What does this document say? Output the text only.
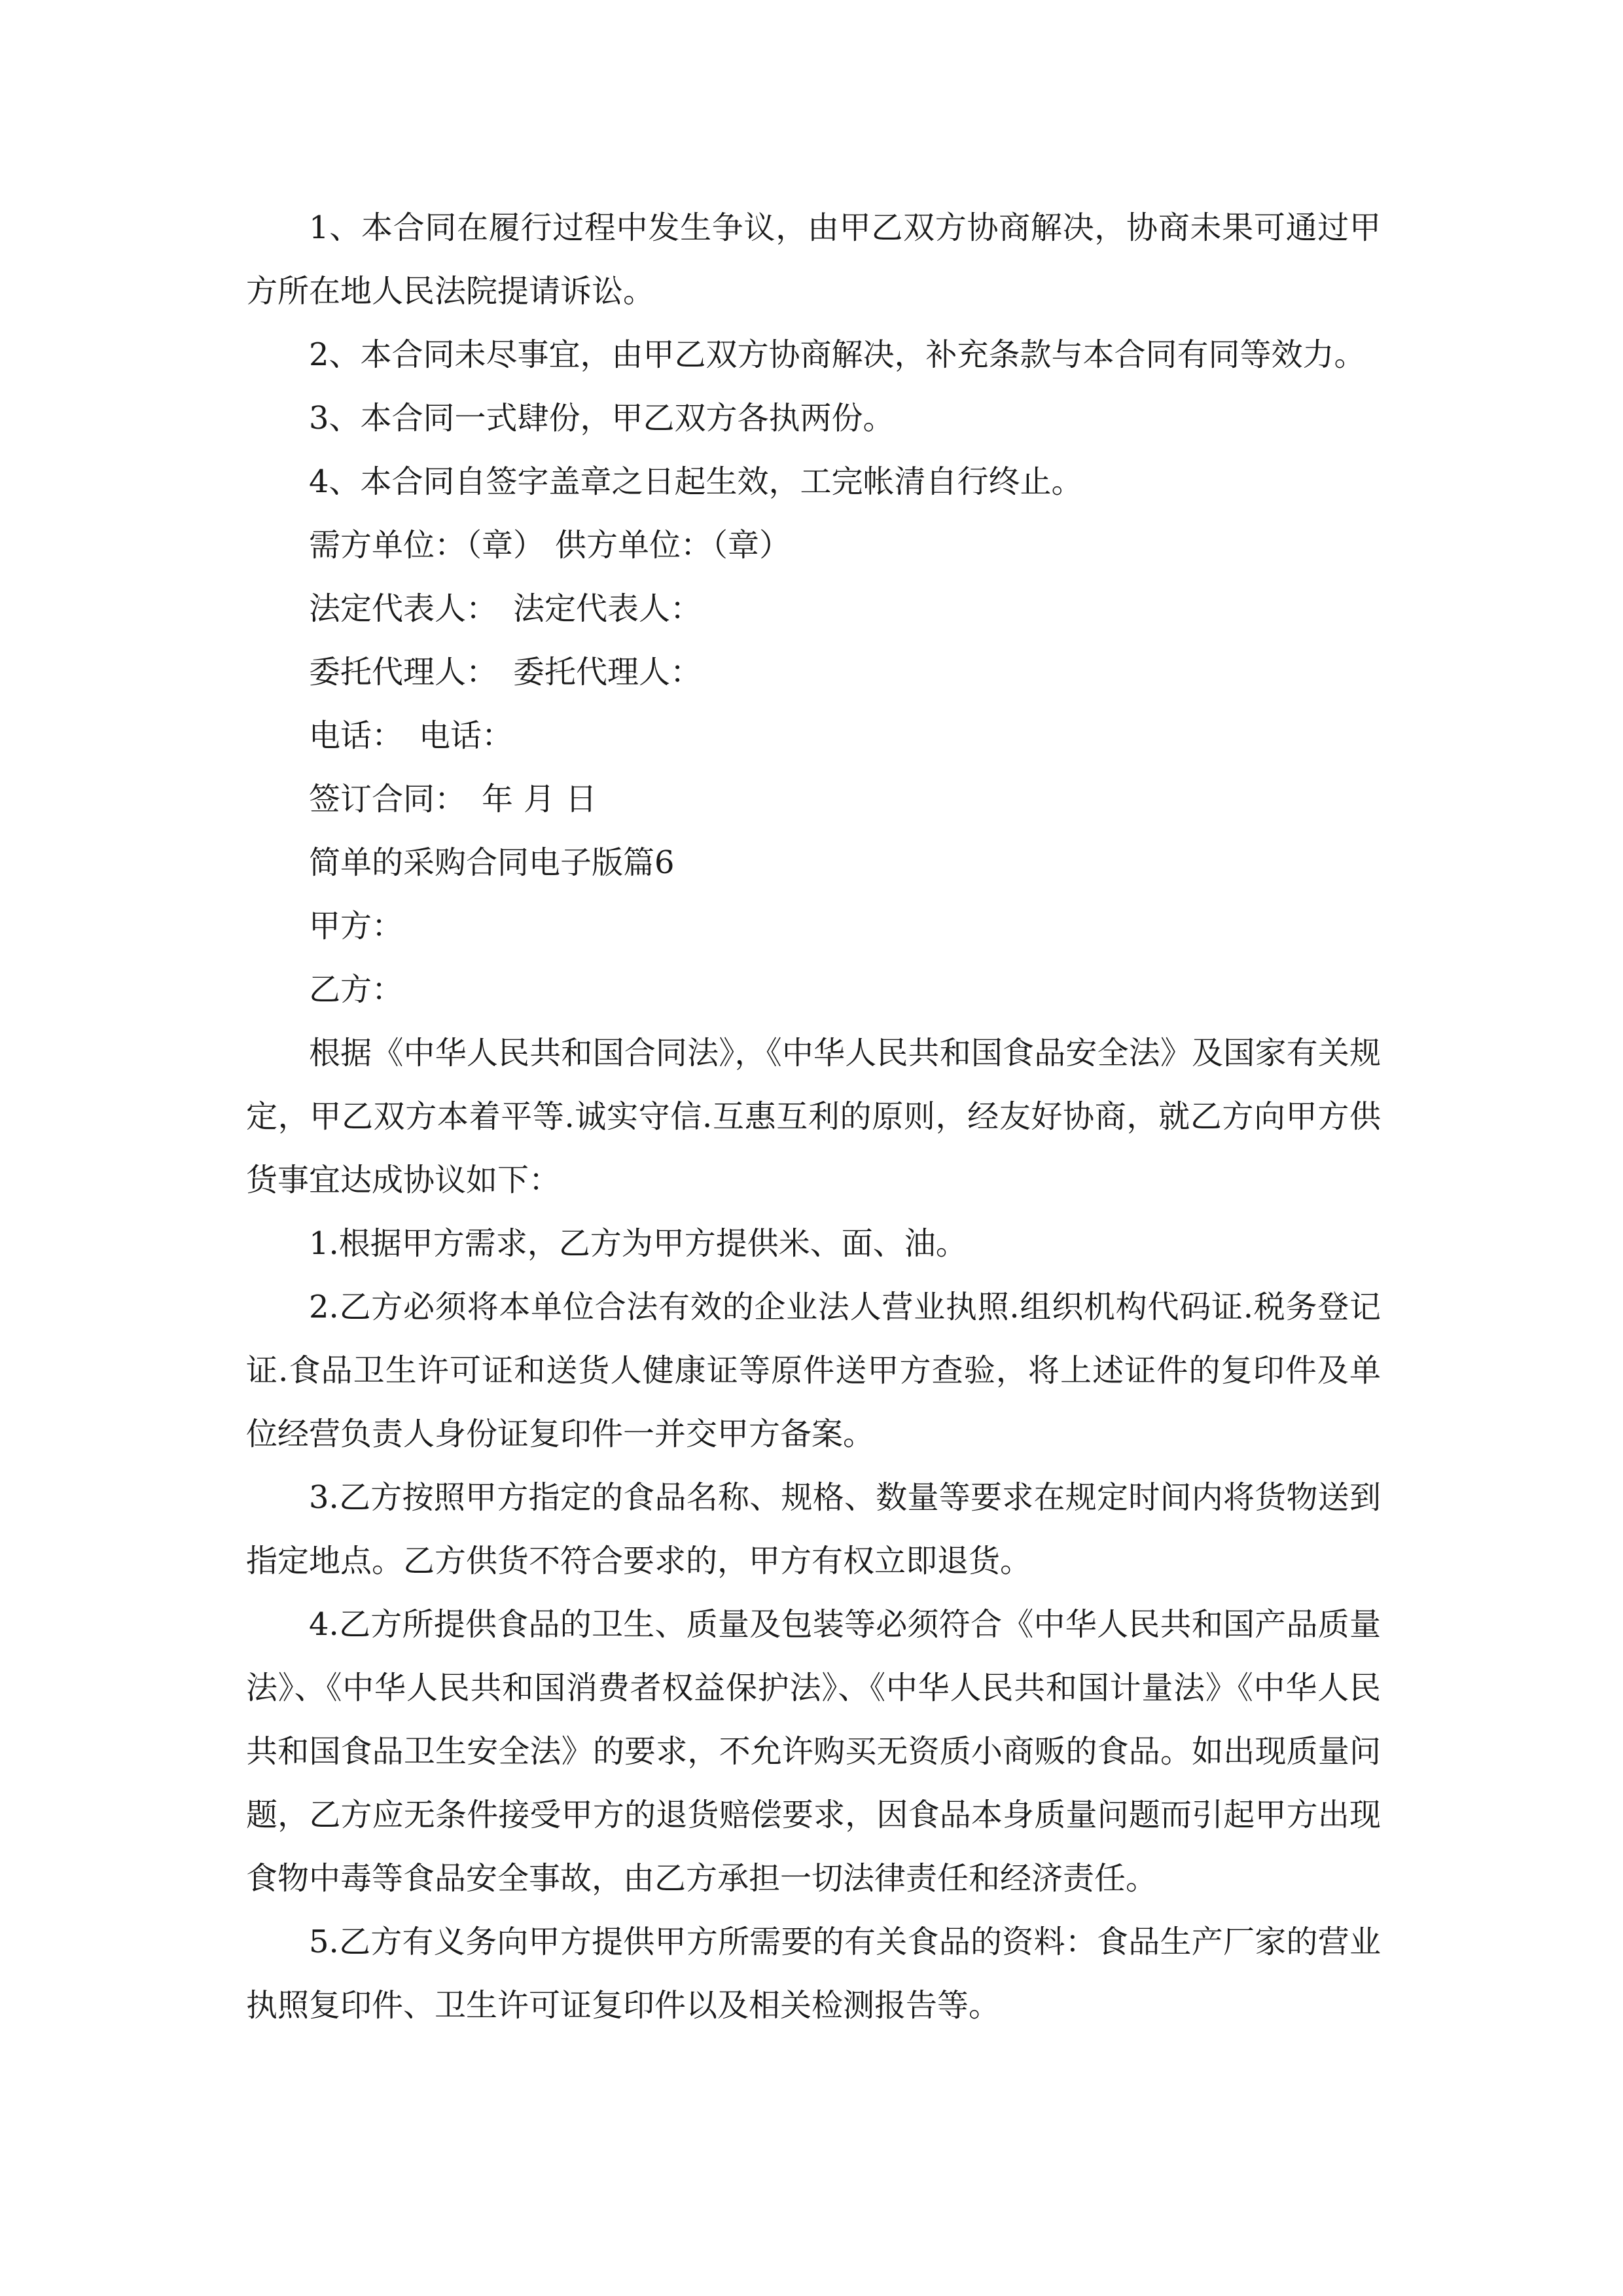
1、本合同在履行过程中发生争议，由甲乙双方协商解决，协商未果可通过甲方所在地人民法院提请诉讼。

2、本合同未尽事宜，由甲乙双方协商解决，补充条款与本合同有同等效力。

3、本合同一式肆份，甲乙双方各执两份。

4、本合同自签字盖章之日起生效，工完帐清自行终止。

需方单位：（章） 供方单位：（章）
法定代表人： 法定代表人：
委托代理人： 委托代理人：
电话： 电话：
签订合同： 年 月 日

简单的采购合同电子版篇6

甲方：

乙方：

根据《中华人民共和国合同法》，《中华人民共和国食品安全法》及国家有关规定，甲乙双方本着平等.诚实守信.互惠互利的原则，经友好协商，就乙方向甲方供货事宜达成协议如下：

1.根据甲方需求，乙方为甲方提供米、面、油。

2.乙方必须将本单位合法有效的企业法人营业执照.组织机构代码证.税务登记证.食品卫生许可证和送货人健康证等原件送甲方查验，将上述证件的复印件及单位经营负责人身份证复印件一并交甲方备案。

3.乙方按照甲方指定的食品名称、规格、数量等要求在规定时间内将货物送到指定地点。乙方供货不符合要求的，甲方有权立即退货。

4.乙方所提供食品的卫生、质量及包装等必须符合《中华人民共和国产品质量法》、《中华人民共和国消费者权益保护法》、《中华人民共和国计量法》《中华人民共和国食品卫生安全法》的要求，不允许购买无资质小商贩的食品。如出现质量问题，乙方应无条件接受甲方的退货赔偿要求，因食品本身质量问题而引起甲方出现食物中毒等食品安全事故，由乙方承担一切法律责任和经济责任。

5.乙方有义务向甲方提供甲方所需要的有关食品的资料：食品生产厂家的营业执照复印件、卫生许可证复印件以及相关检测报告等。
